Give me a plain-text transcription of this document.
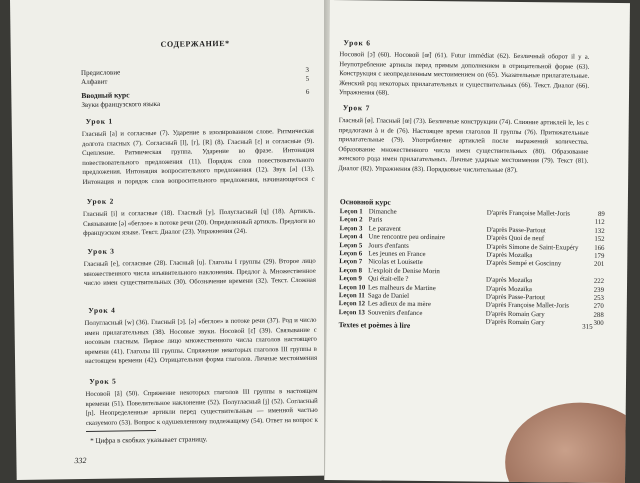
СОДЕРЖАНИЕ*
Предисловие	3
Алфавит	5
Вводный курс	6
Звуки французского языка
Урок 1
Гласный [a] и согласные (7). Ударение в изолированном слове. Ритмическая долгота гласных (7). Согласный [l], [r], [R] (8). Гласный [ɛ] и согласные (9). Сцепление. Ритмическая группа. Ударение во фразе. Интонация повествовательного предложения (11). Порядок слов повествовательного предложения. Интонация вопросительного предложения (12). Звук [ə] (13). Интонация и порядок слов вопросительного предложения, начинающегося с
Урок 2
Гласный [i] и согласные (18). Гласный [y]. Полугласный [ɥ] (18). Артикль. Связывание [ə] «беглое» в потоке речи (20). Определенный артикль. Предлоги во французском языке. Текст. Диалог (23). Упражнения (24).
Урок 3
Гласный [e], согласные (28). Гласный [u]. Глаголы I группы (29). Второе лицо множественного числа изъявительного наклонения. Предлог à. Множественное число имен существительных (30). Обозначение времени (32). Текст. Сложная
Урок 4
Полугласный [w] (36). Гласный [ɔ]. [ə] «беглое» в потоке речи (37). Род и число имен прилагательных (38). Носовые звуки. Носовой [ɛ̃] (39). Связывание с носовым гласным. Первое лицо множественного числа глаголов настоящего времени (41). Глаголы III группы. Спряжение некоторых глаголов III группы в настоящем времени (42). Отрицательная форма глаголов. Личные местоимения
Урок 5
Носовой [ã] (50). Спряжение некоторых глаголов III группы в настоящем времени (51). Повелительное наклонение (52). Полугласный [j] (52). Согласный [ɲ]. Неопределенные артикли перед существительным — именной частью сказуемого (53). Вопрос к одушевленному подлежащему (54). Ответ на вопрос к
* Цифра в скобках указывает страницу.
332
Урок 6
Носовой [ɔ̃] (60). Носовой [œ̃] (61). Futur immédiat (62). Безличный оборот il y a. Неупотребление артикля перед прямым дополнением в отрицательной форме (63). Конструкция с неопределенным местоимением on (65). Указательные прилагательные. Женский род некоторых прилагательных и существительных (66). Текст. Диалог (66). Упражнения (68).
Урок 7
Гласный [ø]. Гласный [œ] (73). Безличные конструкции (74). Слияние артиклей le, les с предлогами à и de (76). Настоящее время глаголов II группы (76). Притяжательные прилагательные (79). Употребление артиклей после выражений количества. Образование множественного числа имен существительных (80). Образование женского рода имен прилагательных. Личные ударные местоимения (79). Текст (81). Диалог (82). Упражнения (83). Порядковые числительные (87).
Основной курс
Leçon 1	Dimanche	D'après Françoise Mallet-Joris	89
Leçon 2	Paris		112
Leçon 3	Le paravent	D'après Passe-Partout	132
Leçon 4	Une rencontre peu ordinaire	D'après Quoi de neuf	152
Leçon 5	Jours d'enfants	D'après Simone de Saint-Exupéry	166
Leçon 6	Les jeunes en France	D'après Mozaïka	179
Leçon 7	Nicolas et Louisette	D'après Sempé et Goscinny	201
Leçon 8	L'exploit de Denise Morin		
Leçon 9	Qui était-elle ?	D'après Mozaïka	222
Leçon 10	Les malheurs de Martine	D'après Mozaïka	239
Leçon 11	Saga de Daniel	D'après Passe-Partout	253
Leçon 12	Les adieux de ma mère	D'après Françoise Mallet-Joris	270
Leçon 13	Souvenirs d'enfance	D'après Romain Gary	288
		D'après Romain Gary	300
Textes et poèmes à lire	315
